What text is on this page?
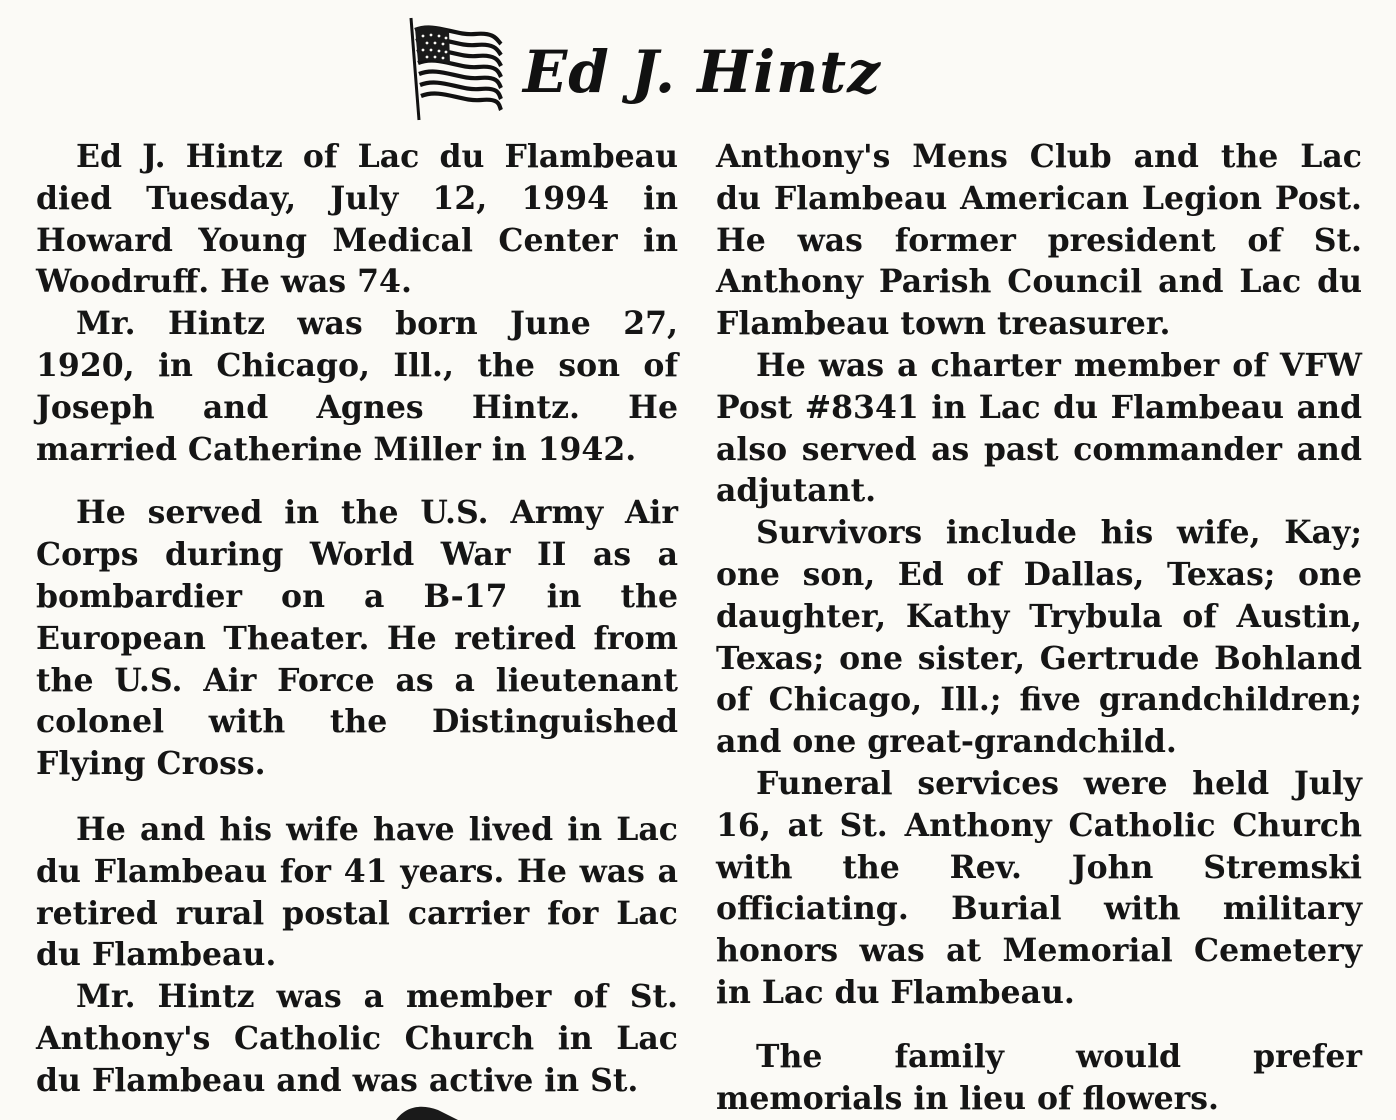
Ed J. Hintz

Ed J. Hintz of Lac du Flambeau died Tuesday, July 12, 1994 in Howard Young Medical Center in Woodruff. He was 74.

Mr. Hintz was born June 27, 1920, in Chicago, Ill., the son of Joseph and Agnes Hintz. He married Catherine Miller in 1942.

He served in the U.S. Army Air Corps during World War II as a bombardier on a B-17 in the European Theater. He retired from the U.S. Air Force as a lieutenant colonel with the Distinguished Flying Cross.

He and his wife have lived in Lac du Flambeau for 41 years. He was a retired rural postal carrier for Lac du Flambeau.

Mr. Hintz was a member of St. Anthony's Catholic Church in Lac du Flambeau and was active in St.

Anthony's Mens Club and the Lac du Flambeau American Legion Post. He was former president of St. Anthony Parish Council and Lac du Flambeau town treasurer.

He was a charter member of VFW Post #8341 in Lac du Flambeau and also served as past commander and adjutant.

Survivors include his wife, Kay; one son, Ed of Dallas, Texas; one daughter, Kathy Trybula of Austin, Texas; one sister, Gertrude Bohland of Chicago, Ill.; five grandchildren; and one great-grandchild.

Funeral services were held July 16, at St. Anthony Catholic Church with the Rev. John Stremski officiating. Burial with military honors was at Memorial Cemetery in Lac du Flambeau.

The family would prefer memorials in lieu of flowers.
